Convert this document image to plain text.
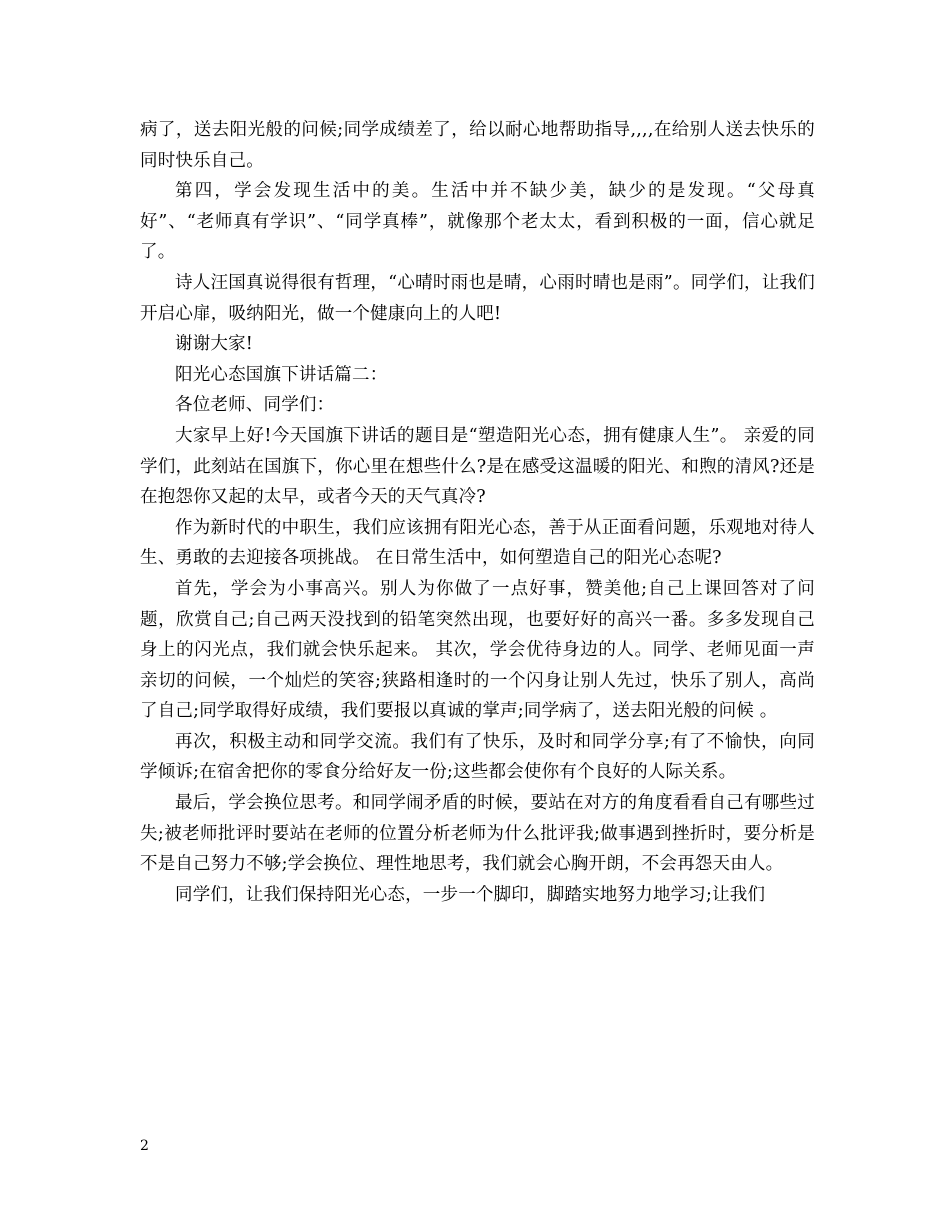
病了，送去阳光般的问候;同学成绩差了，给以耐心地帮助指导,,,,在给别人送去快乐的同时快乐自己。

第四，学会发现生活中的美。生活中并不缺少美，缺少的是发现。“父母真好”、“老师真有学识”、“同学真棒”，就像那个老太太，看到积极的一面，信心就足了。

诗人汪国真说得很有哲理，“心晴时雨也是晴，心雨时晴也是雨”。同学们，让我们开启心扉，吸纳阳光，做一个健康向上的人吧!

谢谢大家!

阳光心态国旗下讲话篇二：

各位老师、同学们：

大家早上好!今天国旗下讲话的题目是“塑造阳光心态，拥有健康人生”。 亲爱的同学们，此刻站在国旗下，你心里在想些什么?是在感受这温暖的阳光、和煦的清风?还是在抱怨你又起的太早，或者今天的天气真冷?

作为新时代的中职生，我们应该拥有阳光心态，善于从正面看问题，乐观地对待人生、勇敢的去迎接各项挑战。 在日常生活中，如何塑造自己的阳光心态呢?

首先，学会为小事高兴。别人为你做了一点好事，赞美他;自己上课回答对了问题，欣赏自己;自己两天没找到的铅笔突然出现，也要好好的高兴一番。多多发现自己身上的闪光点，我们就会快乐起来。 其次，学会优待身边的人。同学、老师见面一声亲切的问候，一个灿烂的笑容;狭路相逢时的一个闪身让别人先过，快乐了别人，高尚了自己;同学取得好成绩，我们要报以真诚的掌声;同学病了，送去阳光般的问候 。

再次，积极主动和同学交流。我们有了快乐，及时和同学分享;有了不愉快，向同学倾诉;在宿舍把你的零食分给好友一份;这些都会使你有个良好的人际关系。

最后，学会换位思考。和同学闹矛盾的时候，要站在对方的角度看看自己有哪些过失;被老师批评时要站在老师的位置分析老师为什么批评我;做事遇到挫折时，要分析是不是自己努力不够;学会换位、理性地思考，我们就会心胸开朗，不会再怨天由人。

同学们，让我们保持阳光心态，一步一个脚印，脚踏实地努力地学习;让我们

2
